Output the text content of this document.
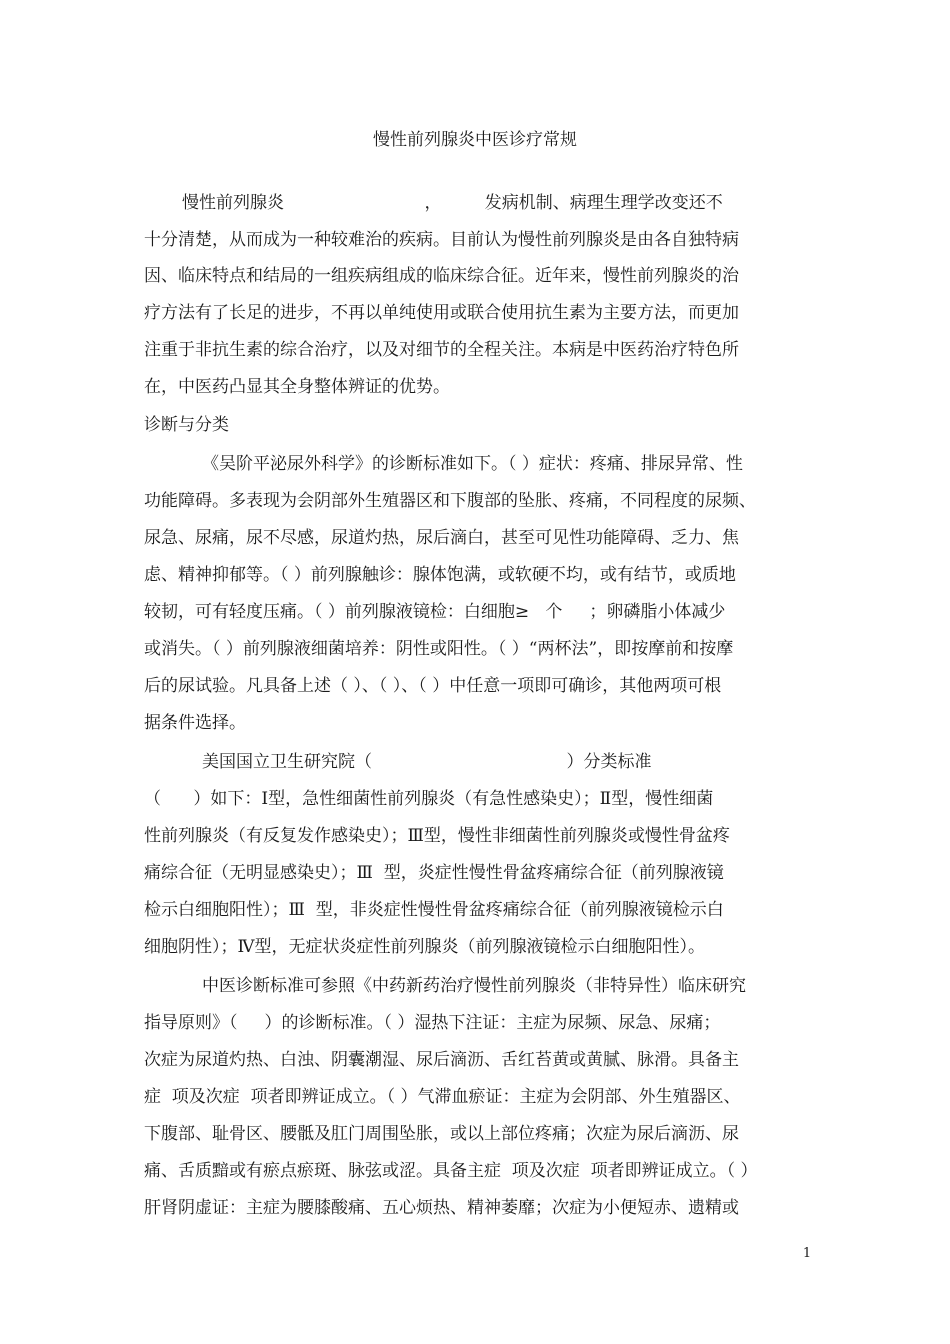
慢性前列腺炎中医诊疗常规
慢性前列腺炎                          ，        发病机制、病理生理学改变还不
十分清楚，从而成为一种较难治的疾病。目前认为慢性前列腺炎是由各自独特病
因、临床特点和结局的一组疾病组成的临床综合征。近年来，慢性前列腺炎的治
疗方法有了长足的进步，不再以单纯使用或联合使用抗生素为主要方法，而更加
注重于非抗生素的综合治疗，以及对细节的全程关注。本病是中医药治疗特色所
在，中医药凸显其全身整体辨证的优势。
诊断与分类
《吴阶平泌尿外科学》的诊断标准如下。（ ）症状：疼痛、排尿异常、性
功能障碍。多表现为会阴部外生殖器区和下腹部的坠胀、疼痛，不同程度的尿频、
尿急、尿痛，尿不尽感，尿道灼热，尿后滴白，甚至可见性功能障碍、乏力、焦
虑、精神抑郁等。（ ）前列腺触诊：腺体饱满，或软硬不均，或有结节，或质地
较韧，可有轻度压痛。（ ）前列腺液镜检：白细胞≥   个     ；卵磷脂小体减少
或消失。（ ）前列腺液细菌培养：阴性或阳性。（ ）“两杯法”，即按摩前和按摩
后的尿试验。凡具备上述（ ）、（ ）、（ ）中任意一项即可确诊，其他两项可根
据条件选择。
美国国立卫生研究院（                                    ）分类标准
（      ）如下：Ⅰ型，急性细菌性前列腺炎（有急性感染史）；Ⅱ型，慢性细菌
性前列腺炎（有反复发作感染史）；Ⅲ型，慢性非细菌性前列腺炎或慢性骨盆疼
痛综合征（无明显感染史）；Ⅲ  型，炎症性慢性骨盆疼痛综合征（前列腺液镜
检示白细胞阳性）；Ⅲ  型，非炎症性慢性骨盆疼痛综合征（前列腺液镜检示白
细胞阴性）；Ⅳ型，无症状炎症性前列腺炎（前列腺液镜检示白细胞阳性）。
中医诊断标准可参照《中药新药治疗慢性前列腺炎（非特异性）临床研究
指导原则》（     ）的诊断标准。（ ）湿热下注证：主症为尿频、尿急、尿痛；
次症为尿道灼热、白浊、阴囊潮湿、尿后滴沥、舌红苔黄或黄腻、脉滑。具备主
症  项及次症  项者即辨证成立。（ ）气滞血瘀证：主症为会阴部、外生殖器区、
下腹部、耻骨区、腰骶及肛门周围坠胀，或以上部位疼痛；次症为尿后滴沥、尿
痛、舌质黯或有瘀点瘀斑、脉弦或涩。具备主症  项及次症  项者即辨证成立。（ ）
肝肾阴虚证：主症为腰膝酸痛、五心烦热、精神萎靡；次症为小便短赤、遗精或
1
